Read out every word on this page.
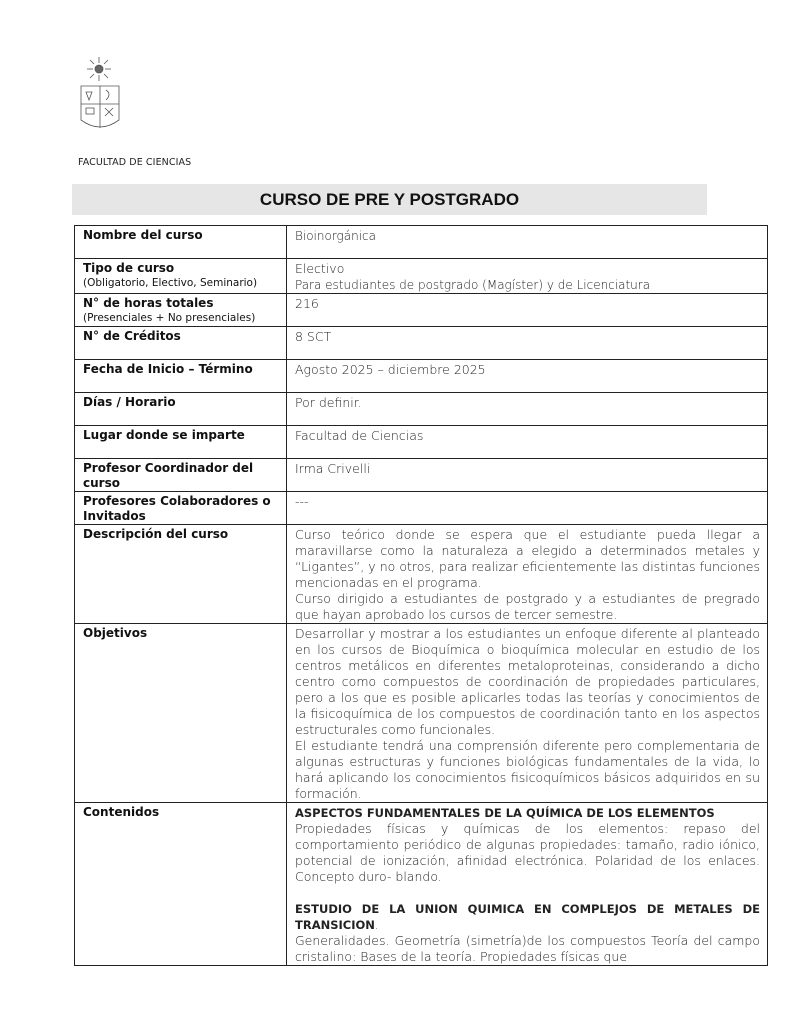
FACULTAD DE CIENCIAS
CURSO DE PRE Y POSTGRADO
Nombre del curso	Bioinorgánica
Tipo de curso
(Obligatorio, Electivo, Seminario)	Electivo
Para estudiantes de postgrado (Magíster) y de Licenciatura

N° de horas totales
(Presenciales + No presenciales)	216
N° de Créditos	8 SCT
Fecha de Inicio – Término	Agosto 2025 – diciembre 2025
Días / Horario	Por definir.
Lugar donde se imparte	Facultad de Ciencias
Profesor Coordinador del curso	Irma Crivelli
Profesores Colaboradores o Invitados	---
Descripción del curso	Curso teórico donde se espera que el estudiante pueda llegar a maravillarse como la naturaleza a elegido a determinados metales y “Ligantes”, y no otros, para realizar eficientemente las distintas funciones mencionadas en el programa.
Curso dirigido a estudiantes de postgrado y a estudiantes de pregrado que hayan aprobado los cursos de tercer semestre.

Objetivos	Desarrollar y mostrar a los estudiantes un enfoque diferente al planteado en los cursos de Bioquímica o bioquímica molecular en estudio de los centros metálicos en diferentes metaloproteinas, considerando a dicho centro como compuestos de coordinación de propiedades particulares, pero a los que es posible aplicarles todas las teorías y conocimientos de la fisicoquímica de los compuestos de coordinación tanto en los aspectos estructurales como funcionales.
El estudiante tendrá una comprensión diferente pero complementaria de algunas estructuras y funciones biológicas fundamentales de la vida, lo hará aplicando los conocimientos fisicoquímicos básicos adquiridos en su formación.

Contenidos	ASPECTOS FUNDAMENTALES DE LA QUÍMICA DE LOS ELEMENTOS
Propiedades físicas y químicas de los elementos: repaso del comportamiento periódico de algunas propiedades: tamaño, radio iónico, potencial de ionización, afinidad electrónica. Polaridad de los enlaces. Concepto duro- blando.
ESTUDIO DE LA UNION QUIMICA EN COMPLEJOS DE METALES DE TRANSICION.
Generalidades. Geometría (simetría)de los compuestos Teoría del campo cristalino: Bases de la teoría. Propiedades físicas que
